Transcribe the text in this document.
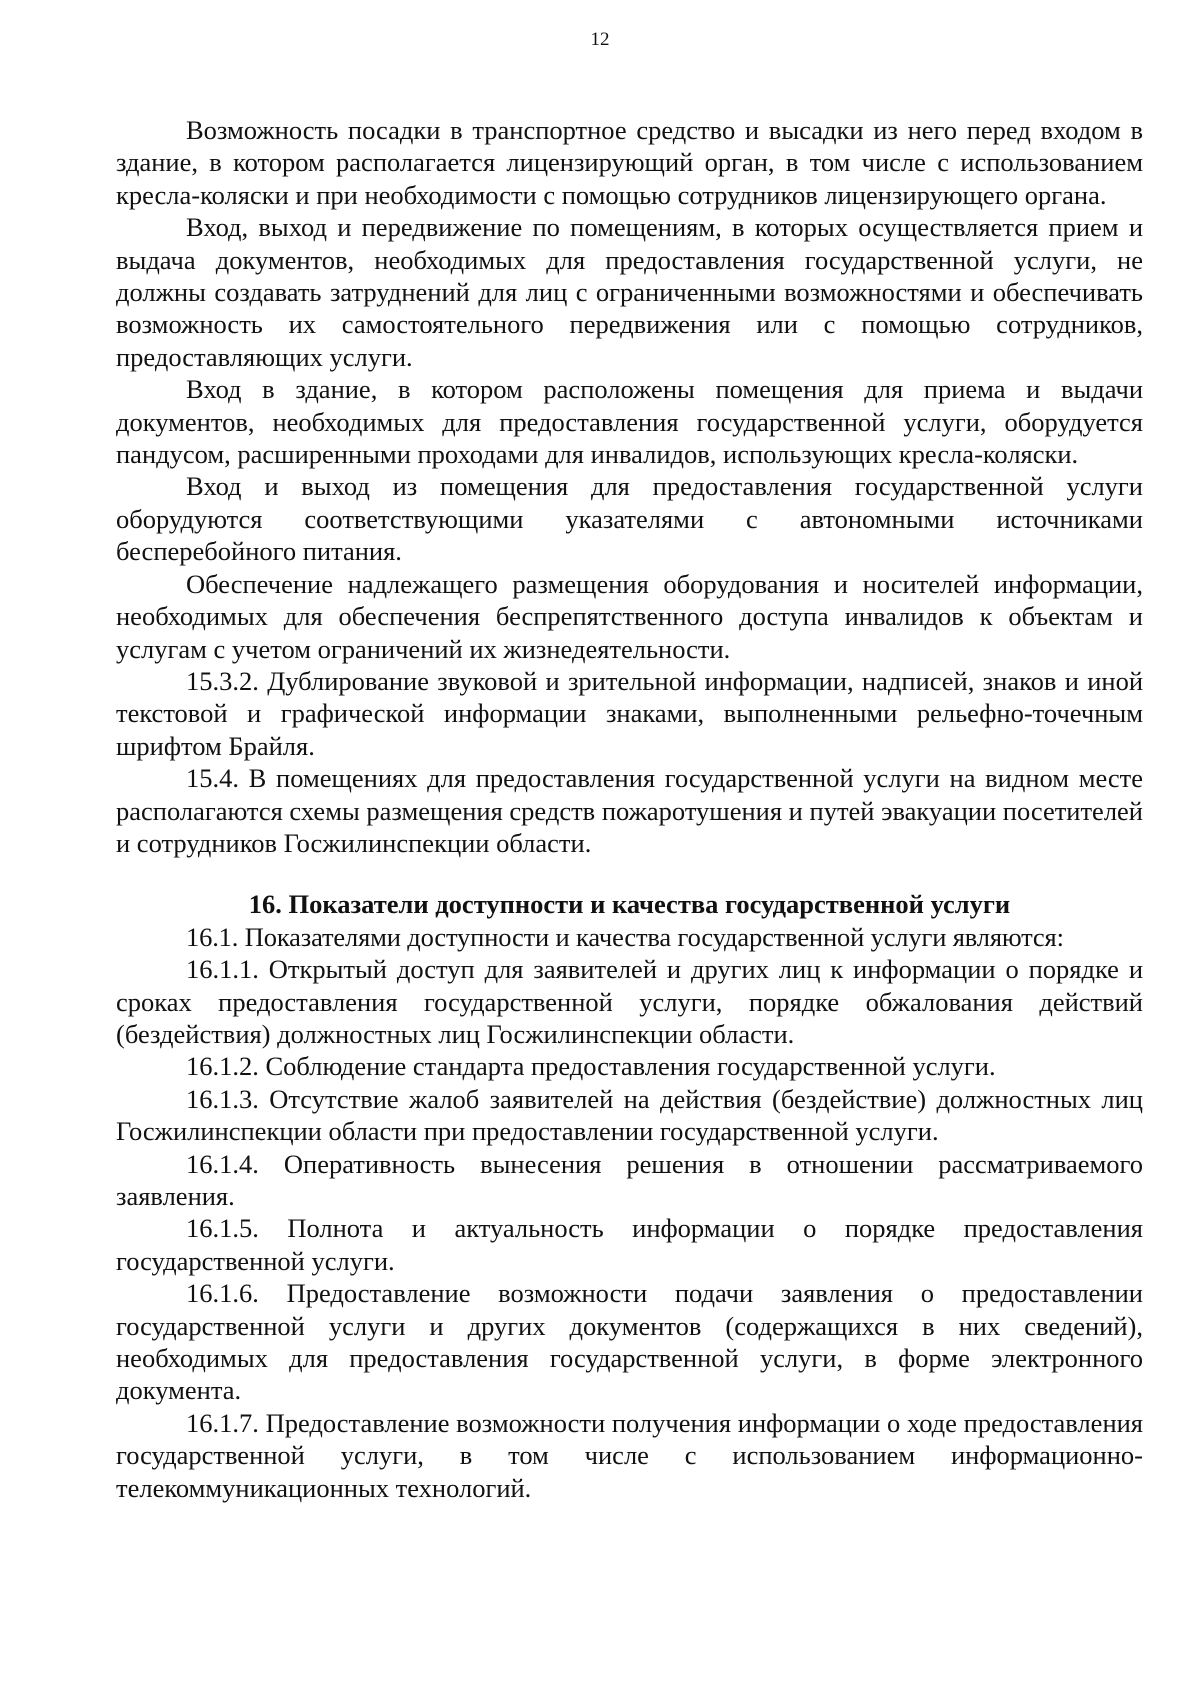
12

Возможность посадки в транспортное средство и высадки из него перед входом в здание, в котором располагается лицензирующий орган, в том числе с использованием кресла-коляски и при необходимости с помощью сотрудников лицензирующего органа.

Вход, выход и передвижение по помещениям, в которых осуществляется прием и выдача документов, необходимых для предоставления государственной услуги, не должны создавать затруднений для лиц с ограниченными возможностями и обеспечивать возможность их самостоятельного передвижения или с помощью сотрудников, предоставляющих услуги.

Вход в здание, в котором расположены помещения для приема и выдачи документов, необходимых для предоставления государственной услуги, оборудуется пандусом, расширенными проходами для инвалидов, использующих кресла-коляски.

Вход и выход из помещения для предоставления государственной услуги оборудуются соответствующими указателями с автономными источниками бесперебойного питания.

Обеспечение надлежащего размещения оборудования и носителей информации, необходимых для обеспечения беспрепятственного доступа инвалидов к объектам и услугам с учетом ограничений их жизнедеятельности.

15.3.2. Дублирование звуковой и зрительной информации, надписей, знаков и иной текстовой и графической информации знаками, выполненными рельефно-точечным шрифтом Брайля.

15.4. В помещениях для предоставления государственной услуги на видном месте располагаются схемы размещения средств пожаротушения и путей эвакуации посетителей и сотрудников Госжилинспекции области.

16. Показатели доступности и качества государственной услуги

16.1. Показателями доступности и качества государственной услуги являются:

16.1.1. Открытый доступ для заявителей и других лиц к информации о порядке и сроках предоставления государственной услуги, порядке обжалования действий (бездействия) должностных лиц Госжилинспекции области.

16.1.2. Соблюдение стандарта предоставления государственной услуги.

16.1.3. Отсутствие жалоб заявителей на действия (бездействие) должностных лиц Госжилинспекции области при предоставлении государственной услуги.

16.1.4. Оперативность вынесения решения в отношении рассматриваемого заявления.

16.1.5. Полнота и актуальность информации о порядке предоставления государственной услуги.

16.1.6. Предоставление возможности подачи заявления о предоставлении государственной услуги и других документов (содержащихся в них сведений), необходимых для предоставления государственной услуги, в форме электронного документа.

16.1.7. Предоставление возможности получения информации о ходе предоставления государственной услуги, в том числе с использованием информационно-телекоммуникационных технологий.
